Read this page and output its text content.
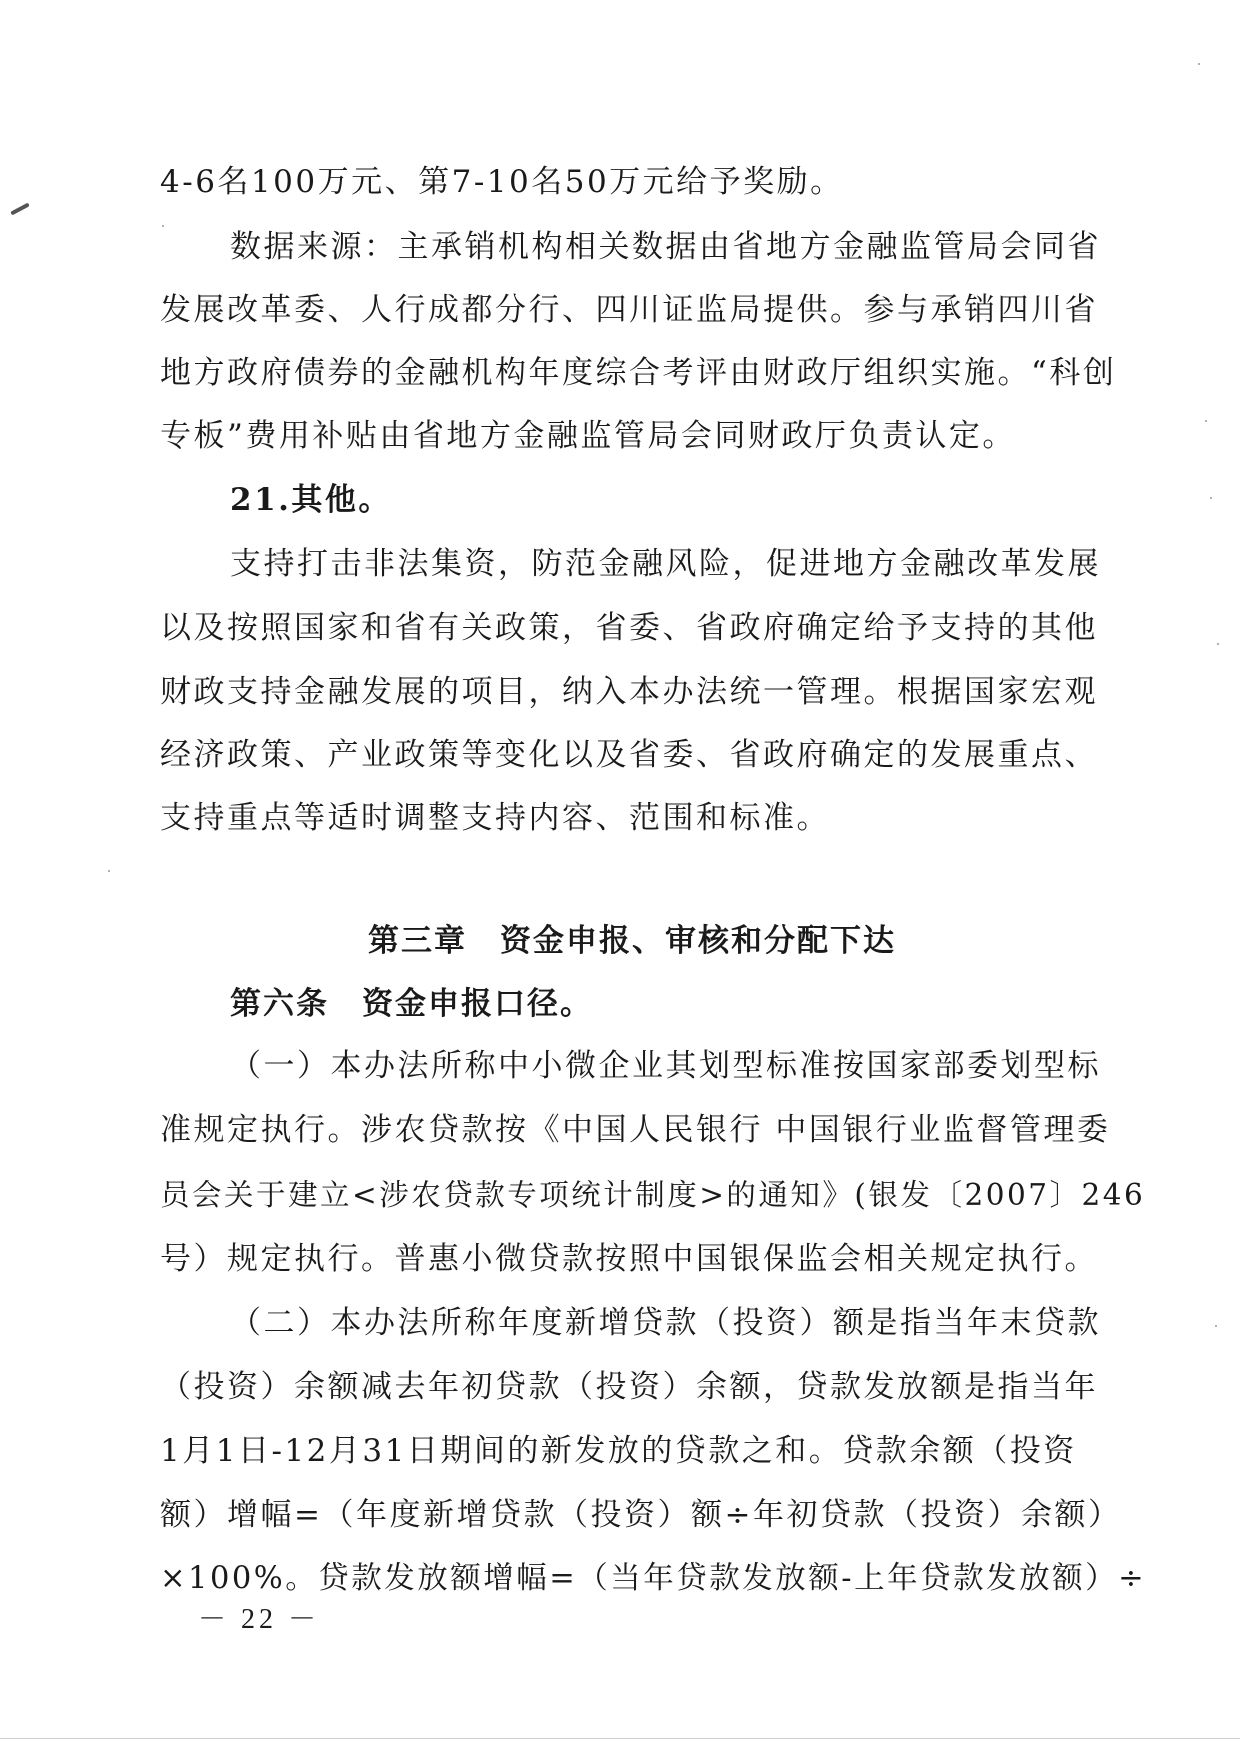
4-6名100万元、第7-10名50万元给予奖励。
数据来源：主承销机构相关数据由省地方金融监管局会同省
发展改革委、人行成都分行、四川证监局提供。参与承销四川省
地方政府债券的金融机构年度综合考评由财政厅组织实施。“科创
专板”费用补贴由省地方金融监管局会同财政厅负责认定。
21.其他。
支持打击非法集资，防范金融风险，促进地方金融改革发展
以及按照国家和省有关政策，省委、省政府确定给予支持的其他
财政支持金融发展的项目，纳入本办法统一管理。根据国家宏观
经济政策、产业政策等变化以及省委、省政府确定的发展重点、
支持重点等适时调整支持内容、范围和标准。
第三章　资金申报、审核和分配下达
第六条　资金申报口径。
（一）本办法所称中小微企业其划型标准按国家部委划型标
准规定执行。涉农贷款按《中国人民银行 中国银行业监督管理委
员会关于建立<涉农贷款专项统计制度>的通知》(银发〔2007〕246
号）规定执行。普惠小微贷款按照中国银保监会相关规定执行。
（二）本办法所称年度新增贷款（投资）额是指当年末贷款
（投资）余额减去年初贷款（投资）余额，贷款发放额是指当年
1月1日-12月31日期间的新发放的贷款之和。贷款余额（投资
额）增幅=（年度新增贷款（投资）额÷年初贷款（投资）余额）
×100%。贷款发放额增幅=（当年贷款发放额-上年贷款发放额）÷
－ 22 －
